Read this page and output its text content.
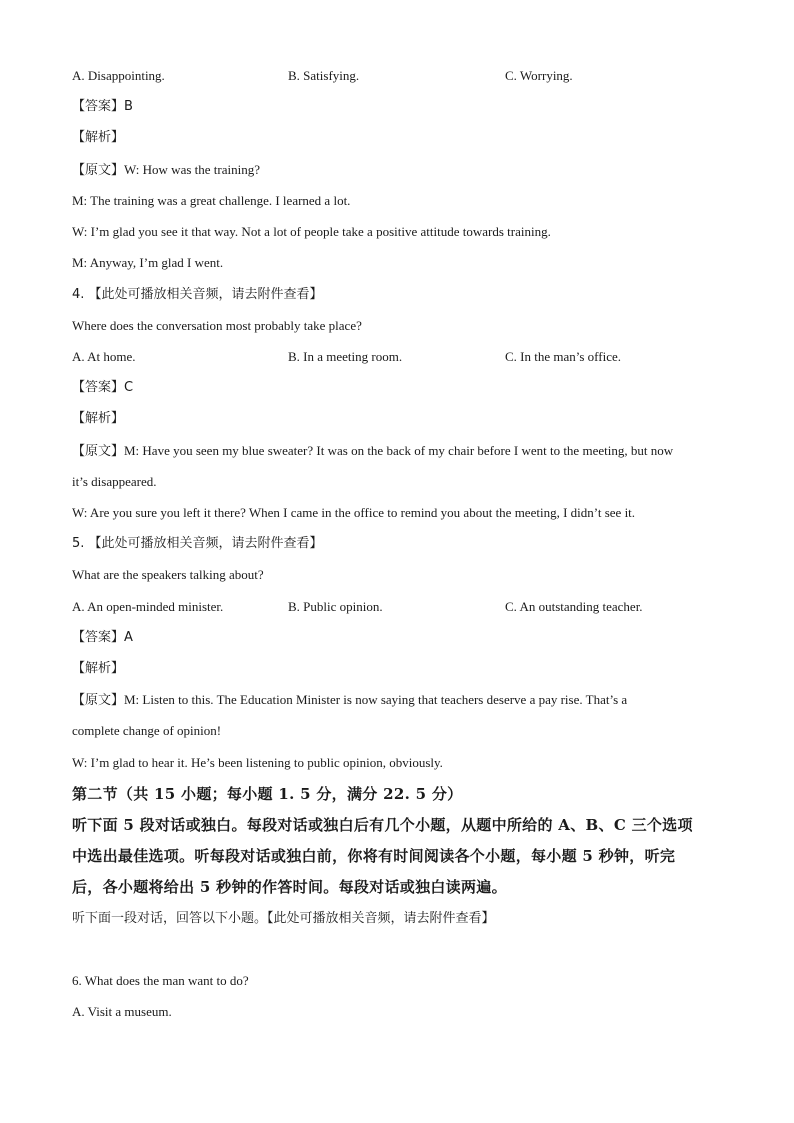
A. Disappointing.	B. Satisfying.	C. Worrying.
【答案】B
【解析】
【原文】W: How was the training?
M: The training was a great challenge. I learned a lot.
W: I’m glad you see it that way. Not a lot of people take a positive attitude towards training.
M: Anyway, I’m glad I went.
4. 【此处可播放相关音频，请去附件查看】
Where does the conversation most probably take place?
A. At home.	B. In a meeting room.	C. In the man’s office.
【答案】C
【解析】
【原文】M: Have you seen my blue sweater? It was on the back of my chair before I went to the meeting, but now
it’s disappeared.
W: Are you sure you left it there? When I came in the office to remind you about the meeting, I didn’t see it.
5. 【此处可播放相关音频，请去附件查看】
What are the speakers talking about?
A. An open-minded minister.	B. Public opinion.	C. An outstanding teacher.
【答案】A
【解析】
【原文】M: Listen to this. The Education Minister is now saying that teachers deserve a pay rise. That’s a
complete change of opinion!
W: I’m glad to hear it. He’s been listening to public opinion, obviously.
第二节（共 15 小题；每小题 1. 5 分，满分 22. 5 分）
听下面 5 段对话或独白。每段对话或独白后有几个小题，从题中所给的 A、B、C 三个选项
中选出最佳选项。听每段对话或独白前，你将有时间阅读各个小题，每小题 5 秒钟，听完
后，各小题将给出 5 秒钟的作答时间。每段对话或独白读两遍。
听下面一段对话，回答以下小题。【此处可播放相关音频，请去附件查看】
6. What does the man want to do?
A. Visit a museum.
